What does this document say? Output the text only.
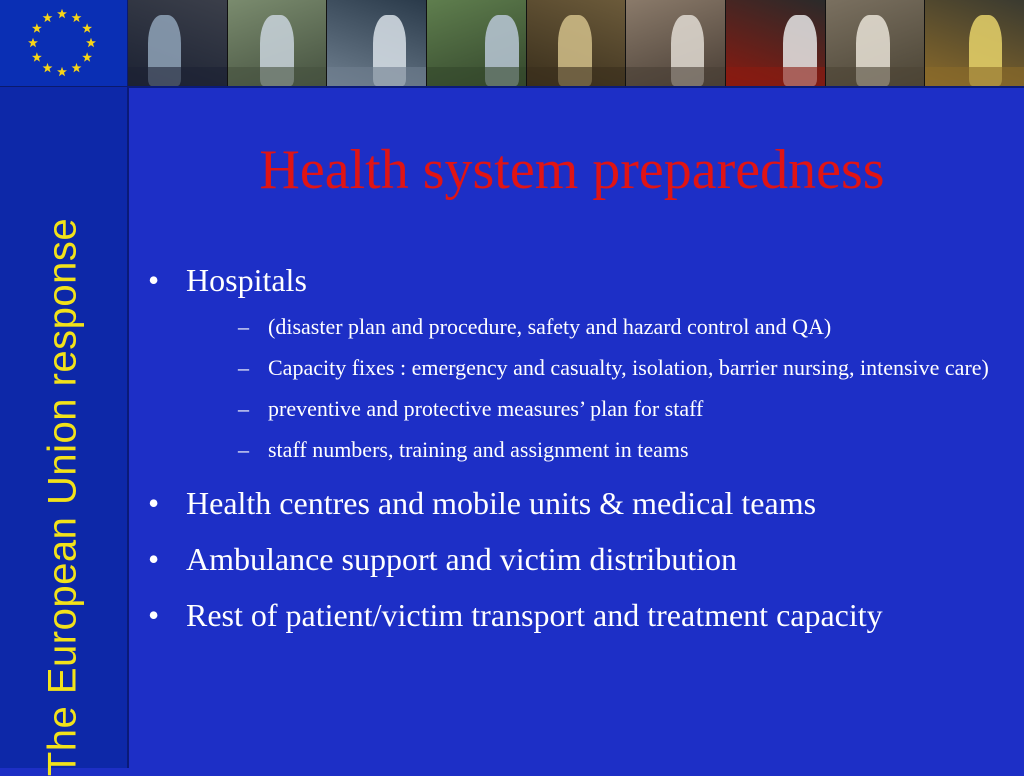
The European Union response
Health system preparedness
• Hospitals
– (disaster plan and procedure, safety and hazard control and QA)
– Capacity fixes : emergency and casualty, isolation, barrier nursing, intensive care)
– preventive and protective measures’ plan for staff
– staff numbers, training and assignment in teams
• Health centres and mobile units & medical teams
• Ambulance support and victim distribution
• Rest of patient/victim transport and treatment capacity
